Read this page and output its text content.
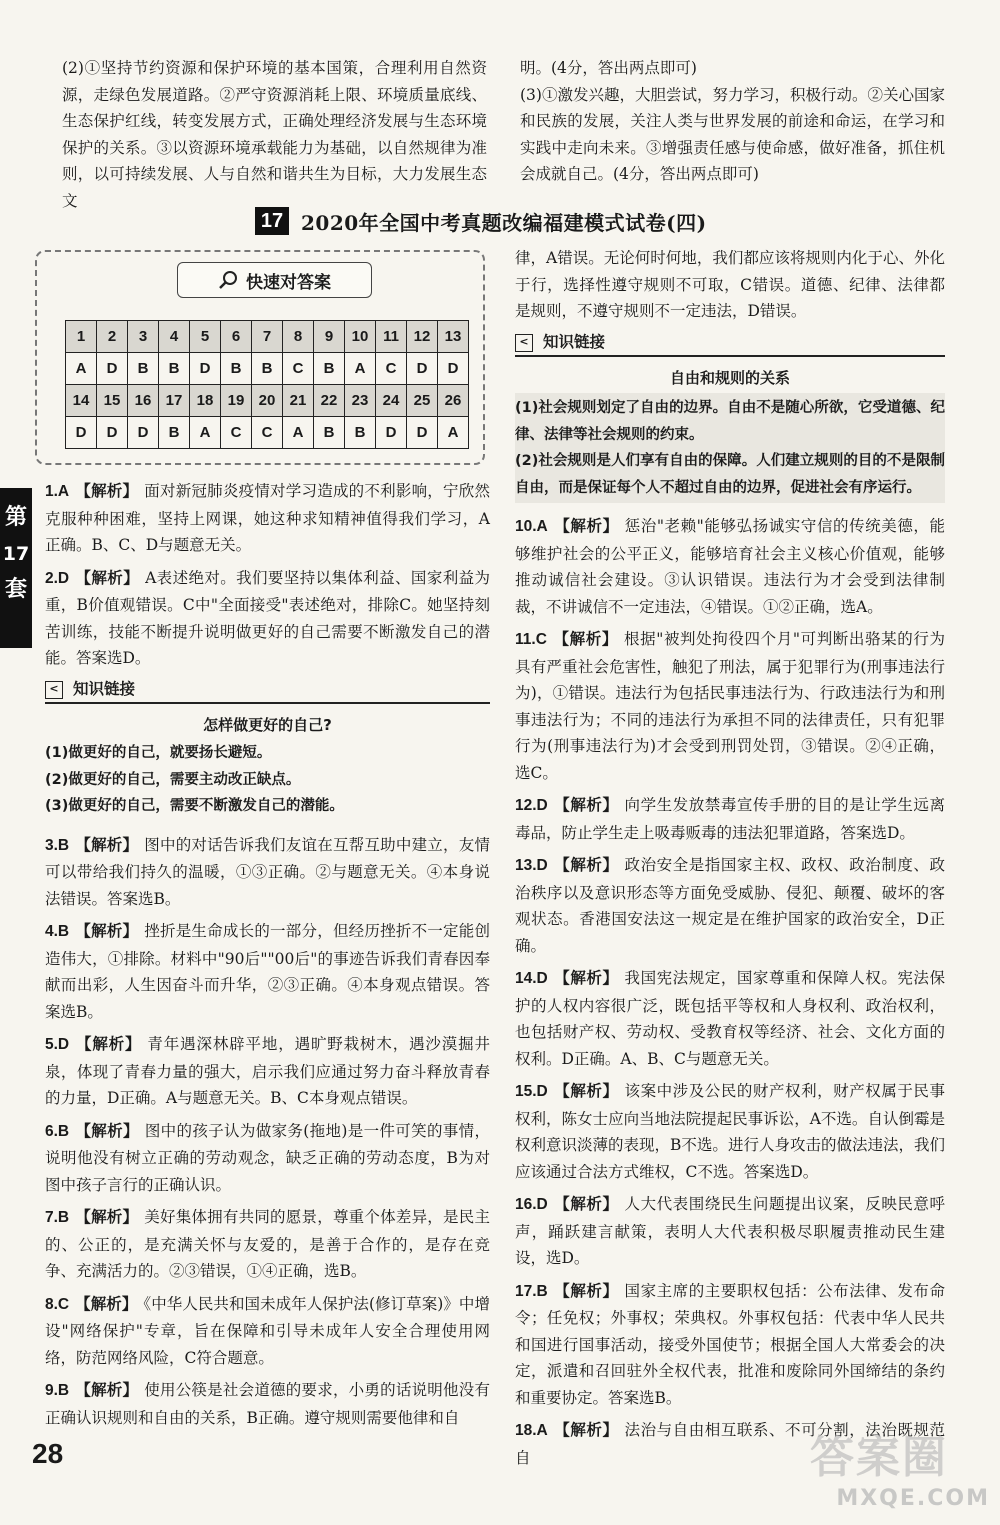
(2)①坚持节约资源和保护环境的基本国策，合理利用自然资源，走绿色发展道路。②严守资源消耗上限、环境质量底线、生态保护红线，转变发展方式，正确处理经济发展与生态环境保护的关系。③以资源环境承载能力为基础，以自然规律为准则，以可持续发展、人与自然和谐共生为目标，大力发展生态文

明。(4分，答出两点即可)

(3)①激发兴趣，大胆尝试，努力学习，积极行动。②关心国家和民族的发展，关注人类与世界发展的前途和命运，在学习和实践中走向未来。③增强责任感与使命感，做好准备，抓住机会成就自己。(4分，答出两点即可)

17 2020年全国中考真题改编福建模式试卷(四)
快速对答案
1	2	3	4	5	6	7	8	9	10	11	12	13
A	D	B	B	D	B	B	C	B	A	C	D	D
14	15	16	17	18	19	20	21	22	23	24	25	26
D	D	D	B	A	C	C	A	B	B	D	D	A
第
17
套
1.A 【解析】 面对新冠肺炎疫情对学习造成的不利影响，宁欣然克服种种困难，坚持上网课，她这种求知精神值得我们学习，A正确。B、C、D与题意无关。
2.D 【解析】 A表述绝对。我们要坚持以集体利益、国家利益为重，B价值观错误。C中"全面接受"表述绝对，排除C。她坚持刻苦训练，技能不断提升说明做更好的自己需要不断激发自己的潜能。答案选D。
< 知识链接
怎样做更好的自己?
(1)做更好的自己，就要扬长避短。
(2)做更好的自己，需要主动改正缺点。
(3)做更好的自己，需要不断激发自己的潜能。
3.B 【解析】 图中的对话告诉我们友谊在互帮互助中建立，友情可以带给我们持久的温暖，①③正确。②与题意无关。④本身说法错误。答案选B。
4.B 【解析】 挫折是生命成长的一部分，但经历挫折不一定能创造伟大，①排除。材料中"90后""00后"的事迹告诉我们青春因奉献而出彩，人生因奋斗而升华，②③正确。④本身观点错误。答案选B。
5.D 【解析】 青年遇深林辟平地，遇旷野栽树木，遇沙漠掘井泉，体现了青春力量的强大，启示我们应通过努力奋斗释放青春的力量，D正确。A与题意无关。B、C本身观点错误。
6.B 【解析】 图中的孩子认为做家务(拖地)是一件可笑的事情，说明他没有树立正确的劳动观念，缺乏正确的劳动态度，B为对图中孩子言行的正确认识。
7.B 【解析】 美好集体拥有共同的愿景，尊重个体差异，是民主的、公正的，是充满关怀与友爱的，是善于合作的，是存在竞争、充满活力的。②③错误，①④正确，选B。
8.C 【解析】 《中华人民共和国未成年人保护法(修订草案)》中增设"网络保护"专章，旨在保障和引导未成年人安全合理使用网络，防范网络风险，C符合题意。
9.B 【解析】 使用公筷是社会道德的要求，小勇的话说明他没有正确认识规则和自由的关系，B正确。遵守规则需要他律和自

律，A错误。无论何时何地，我们都应该将规则内化于心、外化于行，选择性遵守规则不可取，C错误。道德、纪律、法律都是规则，不遵守规则不一定违法，D错误。

< 知识链接
自由和规则的关系
(1)社会规则划定了自由的边界。自由不是随心所欲，它受道德、纪律、法律等社会规则的约束。
(2)社会规则是人们享有自由的保障。人们建立规则的目的不是限制自由，而是保证每个人不超过自由的边界，促进社会有序运行。
10.A 【解析】 惩治"老赖"能够弘扬诚实守信的传统美德，能够维护社会的公平正义，能够培育社会主义核心价值观，能够推动诚信社会建设。③认识错误。违法行为才会受到法律制裁，不讲诚信不一定违法，④错误。①②正确，选A。
11.C 【解析】 根据"被判处拘役四个月"可判断出骆某的行为具有严重社会危害性，触犯了刑法，属于犯罪行为(刑事违法行为)，①错误。违法行为包括民事违法行为、行政违法行为和刑事违法行为；不同的违法行为承担不同的法律责任，只有犯罪行为(刑事违法行为)才会受到刑罚处罚，③错误。②④正确，选C。
12.D 【解析】 向学生发放禁毒宣传手册的目的是让学生远离毒品，防止学生走上吸毒贩毒的违法犯罪道路，答案选D。
13.D 【解析】 政治安全是指国家主权、政权、政治制度、政治秩序以及意识形态等方面免受威胁、侵犯、颠覆、破坏的客观状态。香港国安法这一规定是在维护国家的政治安全，D正确。
14.D 【解析】 我国宪法规定，国家尊重和保障人权。宪法保护的人权内容很广泛，既包括平等权和人身权利、政治权利，也包括财产权、劳动权、受教育权等经济、社会、文化方面的权利。D正确。A、B、C与题意无关。
15.D 【解析】 该案中涉及公民的财产权利，财产权属于民事权利，陈女士应向当地法院提起民事诉讼，A不选。自认倒霉是权利意识淡薄的表现，B不选。进行人身攻击的做法违法，我们应该通过合法方式维权，C不选。答案选D。
16.D 【解析】 人大代表围绕民生问题提出议案，反映民意呼声，踊跃建言献策，表明人大代表积极尽职履责推动民生建设，选D。
17.B 【解析】 国家主席的主要职权包括：公布法律、发布命令；任免权；外事权；荣典权。外事权包括：代表中华人民共和国进行国事活动，接受外国使节；根据全国人大常委会的决定，派遣和召回驻外全权代表，批准和废除同外国缔结的条约和重要协定。答案选B。
18.A 【解析】 法治与自由相互联系、不可分割，法治既规范自
28	答案圈
MXQE.COM
